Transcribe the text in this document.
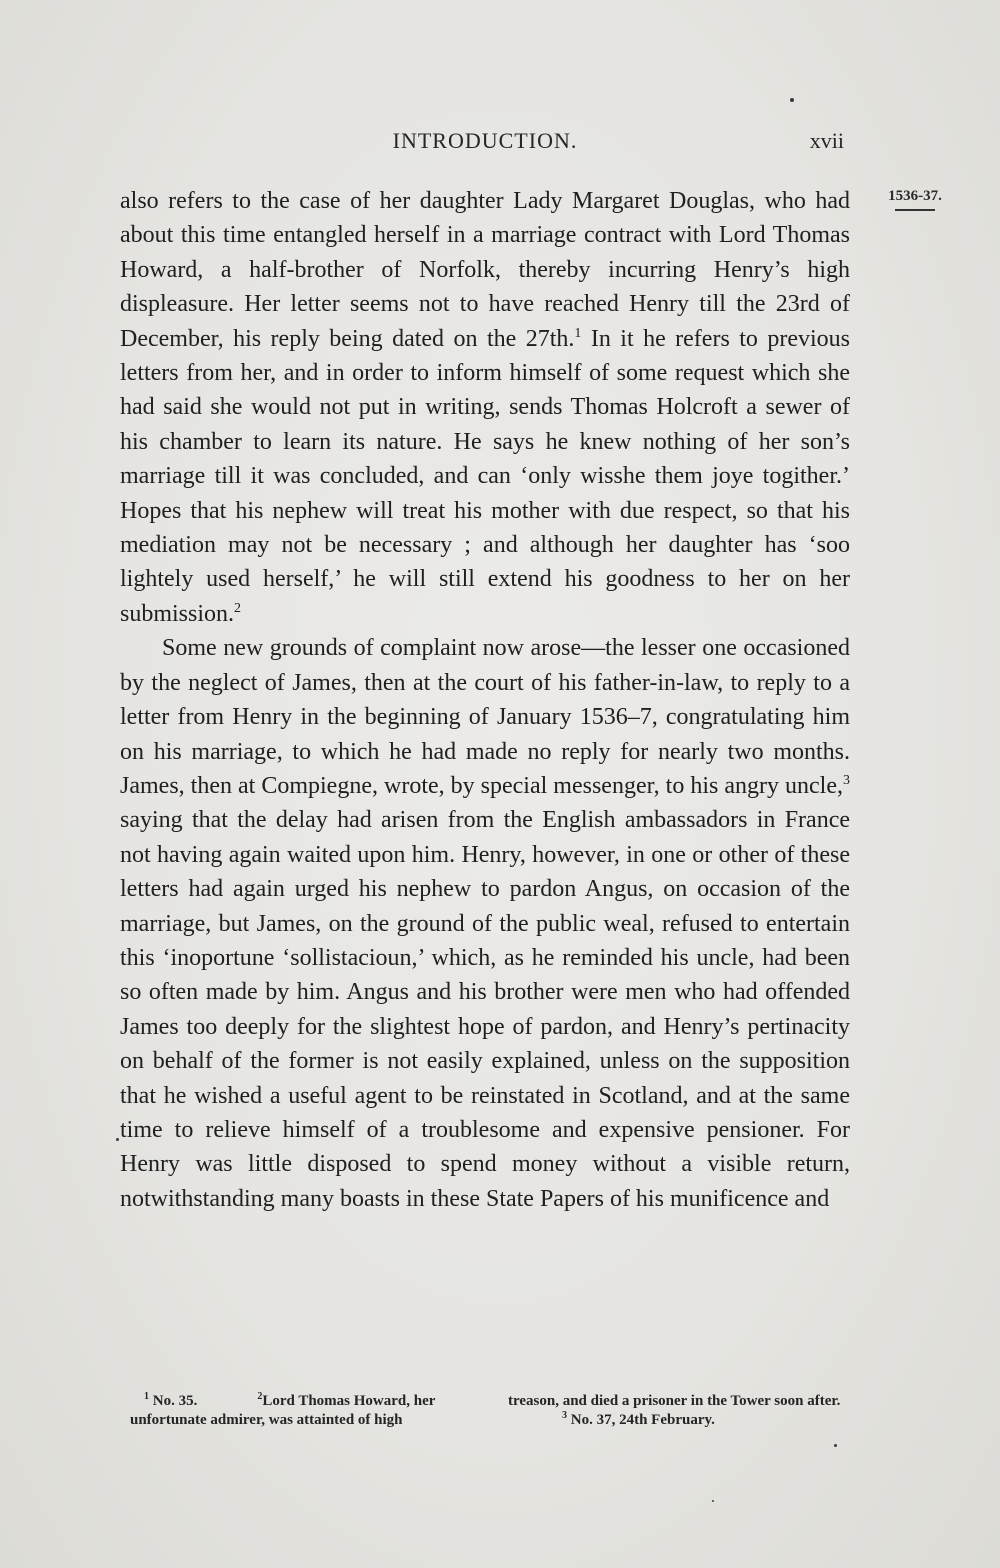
INTRODUCTION.	xvii
1536-37.

also refers to the case of her daughter Lady Margaret Douglas, who had about this time entangled herself in a marriage contract with Lord Thomas Howard, a half-brother of Norfolk, thereby incurring Henry’s high displeasure. Her letter seems not to have reached Henry till the 23rd of December, his reply being dated on the 27th.$^1$ In it he refers to previous letters from her, and in order to inform himself of some request which she had said she would not put in writing, sends Thomas Holcroft a sewer of his chamber to learn its nature. He says he knew nothing of her son’s marriage till it was concluded, and can ‘only wisshe them joye togither.’ Hopes that his nephew will treat his mother with due respect, so that his mediation may not be necessary ; and although her daughter has ‘soo lightely used herself,’ he will still extend his goodness to her on her submission.$^2$

Some new grounds of complaint now arose—the lesser one occasioned by the neglect of James, then at the court of his father-in-law, to reply to a letter from Henry in the beginning of January 1536–7, congratulating him on his marriage, to which he had made no reply for nearly two months. James, then at Compiegne, wrote, by special messenger, to his angry uncle,$^3$ saying that the delay had arisen from the English ambassadors in France not having again waited upon him. Henry, however, in one or other of these letters had again urged his nephew to pardon Angus, on occasion of the marriage, but James, on the ground of the public weal, refused to entertain this ‘inoportune ‘sollistacioun,’ which, as he reminded his uncle, had been so often made by him. Angus and his brother were men who had offended James too deeply for the slightest hope of pardon, and Henry’s pertinacity on behalf of the former is not easily explained, unless on the supposition that he wished a useful agent to be reinstated in Scotland, and at the same time to relieve himself of a troublesome and expensive pensioner. For Henry was little disposed to spend money without a visible return, notwithstanding many boasts in these State Papers of his munificence and

$^1$ No. 35.	$^2$Lord Thomas Howard, her unfortunate admirer, was attainted of high
treason, and died a prisoner in the Tower soon after.$^3$ No. 37, 24th February.
